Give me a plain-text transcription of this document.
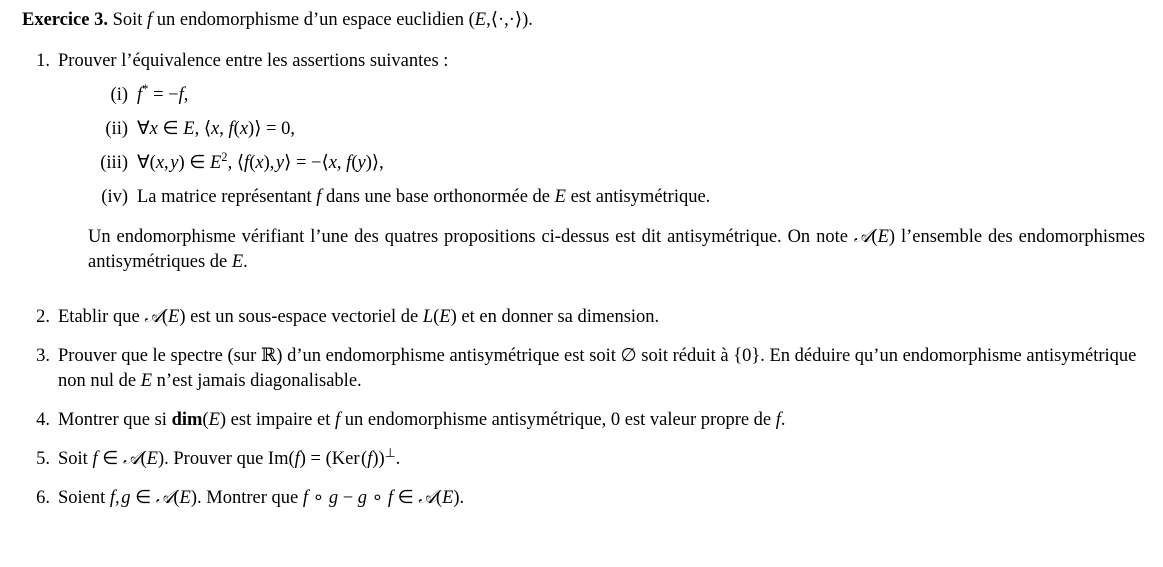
Exercice 3. Soit f un endomorphisme d’un espace euclidien (E,⟨·,·⟩).
1. Prouver l’équivalence entre les assertions suivantes :
(i) f* = −f,
(ii) ∀x ∈ E, ⟨x, f(x)⟩ = 0,
(iii) ∀(x, y) ∈ $E^2$, ⟨f(x), y⟩ = −⟨x, f(y)⟩,
(iv) La matrice représentant f dans une base orthonormée de E est antisymétrique.
Un endomorphisme vérifiant l’une des quatres propositions ci-dessus est dit antisymétrique. On note 𝒜(E) l’ensemble des endomorphismes antisymétriques de E.
2. Etablir que 𝒜(E) est un sous-espace vectoriel de L(E) et en donner sa dimension.
3. Prouver que le spectre (sur ℝ) d’un endomorphisme antisymétrique est soit ∅ soit réduit à {0}. En déduire qu’un endomorphisme antisymétrique non nul de E n’est jamais diagonalisable.
4. Montrer que si dim(E) est impaire et f un endomorphisme antisymétrique, 0 est valeur propre de f.
5. Soit f ∈ 𝒜(E). Prouver que Im(f) = (Ker (f))⊥.
6. Soient f, g ∈ 𝒜(E). Montrer que f ∘ g − g ∘ f ∈ 𝒜(E).
